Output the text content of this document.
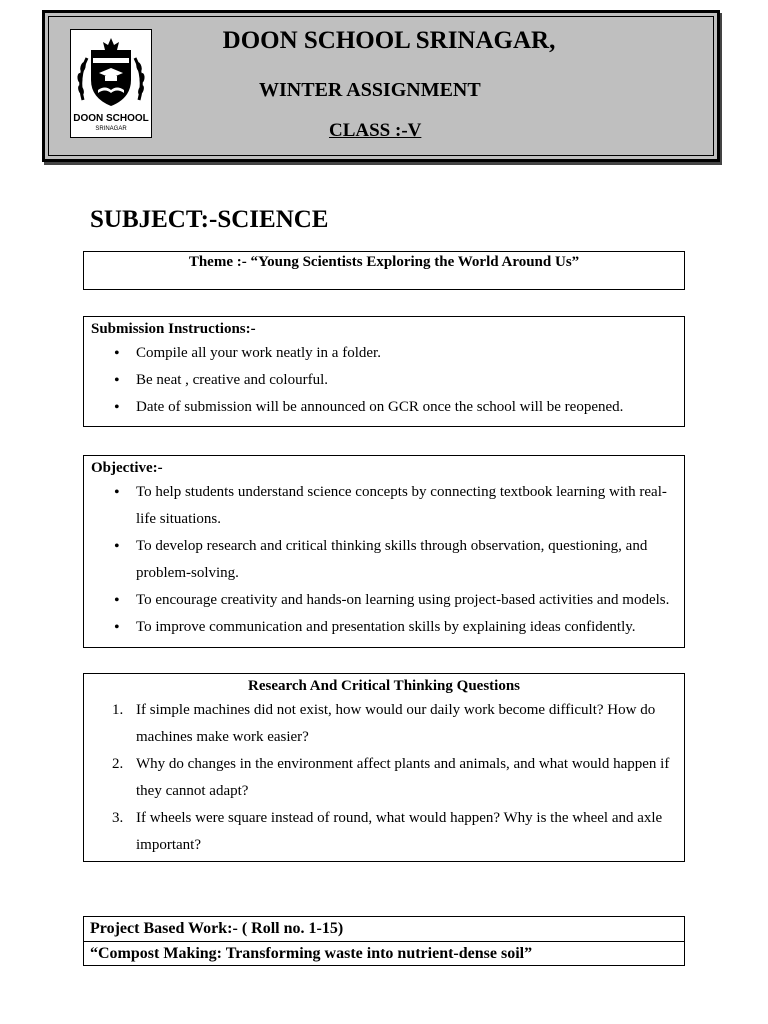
DOON SCHOOL
SRINAGAR
DOON SCHOOL SRINAGAR,
WINTER ASSIGNMENT
CLASS :-V
SUBJECT:-SCIENCE
Theme :- “Young Scientists Exploring the World Around Us”
Submission Instructions:-
• Compile all your work neatly in a folder.
• Be neat , creative and colourful.
• Date of submission will be announced on GCR once the school will be reopened.
Objective:-
• To help students understand science concepts by connecting textbook learning with real-life situations.
• To develop research and critical thinking skills through observation, questioning, and problem-solving.
• To encourage creativity and hands-on learning using project-based activities and models.
• To improve communication and presentation skills by explaining ideas confidently.
Research And Critical Thinking Questions
1. If simple machines did not exist, how would our daily work become difficult? How do machines make work easier?
2. Why do changes in the environment affect plants and animals, and what would happen if they cannot adapt?
3. If wheels were square instead of round, what would happen? Why is the wheel and axle important?
Project Based Work:- ( Roll no. 1-15)
“Compost Making: Transforming waste into nutrient-dense soil”
